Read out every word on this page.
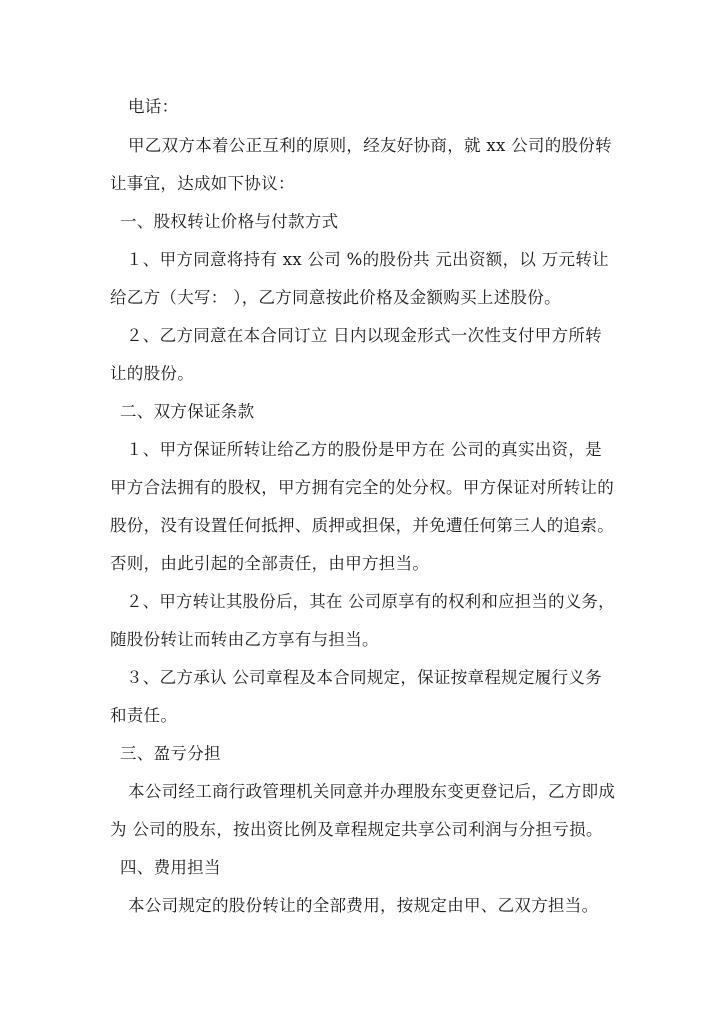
电话：
甲乙双方本着公正互利的原则，经友好协商，就 xx 公司的股份转
让事宜，达成如下协议：
一、股权转让价格与付款方式
１、甲方同意将持有 xx 公司 %的股份共 元出资额，以 万元转让
给乙方（大写： ），乙方同意按此价格及金额购买上述股份。
２、乙方同意在本合同订立 日内以现金形式一次性支付甲方所转
让的股份。
二、双方保证条款
１、甲方保证所转让给乙方的股份是甲方在 公司的真实出资，是
甲方合法拥有的股权，甲方拥有完全的处分权。甲方保证对所转让的
股份，没有设置任何抵押、质押或担保，并免遭任何第三人的追索。
否则，由此引起的全部责任，由甲方担当。
２、甲方转让其股份后，其在 公司原享有的权利和应担当的义务，
随股份转让而转由乙方享有与担当。
３、乙方承认 公司章程及本合同规定，保证按章程规定履行义务
和责任。
三、盈亏分担
本公司经工商行政管理机关同意并办理股东变更登记后，乙方即成
为 公司的股东，按出资比例及章程规定共享公司利润与分担亏损。
四、费用担当
本公司规定的股份转让的全部费用，按规定由甲、乙双方担当。
